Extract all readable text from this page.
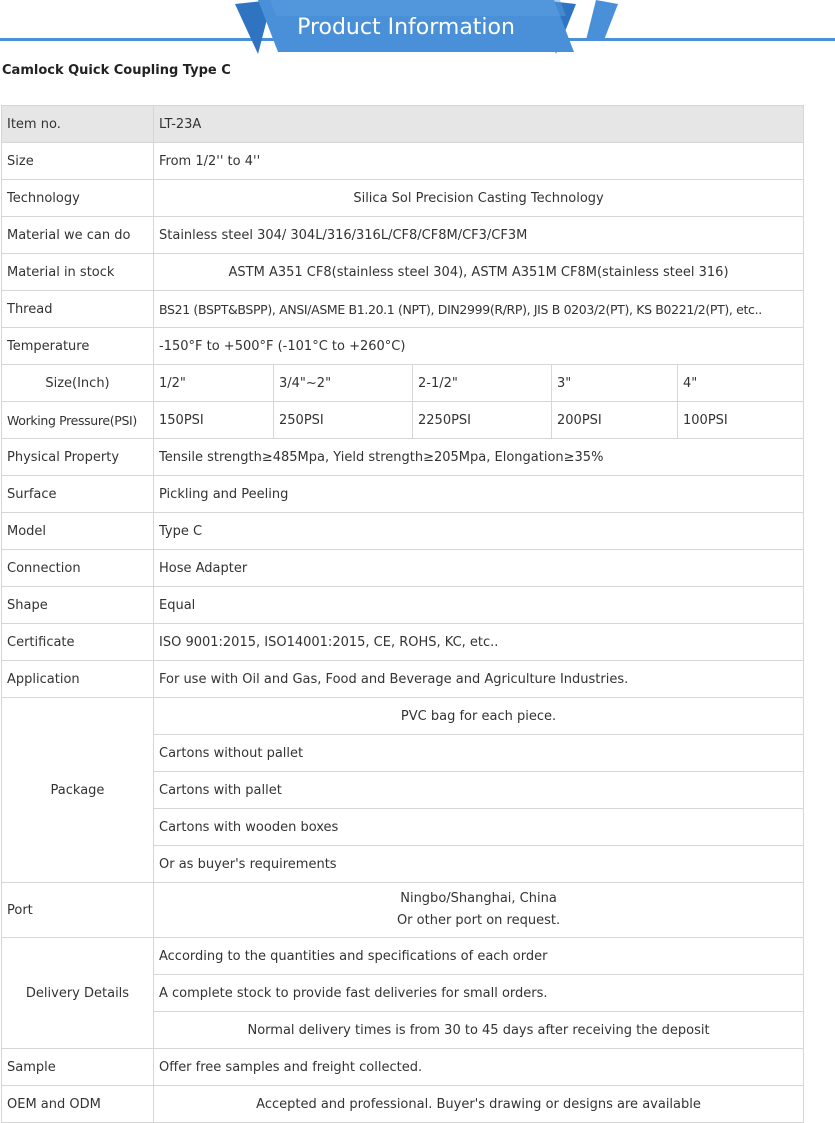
Product Information
Camlock Quick Coupling Type C
Item no.	LT-23A				
Size	From 1/2'' to 4''				
Technology	Silica Sol Precision Casting Technology				
Material we can do	Stainless steel 304/ 304L/316/316L/CF8/CF8M/CF3/CF3M				
Material in stock	ASTM A351 CF8(stainless steel 304), ASTM A351M CF8M(stainless steel 316)				
Thread	BS21 (BSPT&BSPP), ANSI/ASME B1.20.1 (NPT), DIN2999(R/RP), JIS B 0203/2(PT), KS B0221/2(PT), etc..				
Temperature	-150°F to +500°F (-101°C to +260°C)				
Size(Inch)	1/2"	3/4"~2"	2-1/2"	3"	4"
Working Pressure(PSI)	150PSI	250PSI	2250PSI	200PSI	100PSI
Physical Property	Tensile strength≥485Mpa, Yield strength≥205Mpa, Elongation≥35%				
Surface	Pickling and Peeling				
Model	Type C				
Connection	Hose Adapter				
Shape	Equal				
Certificate	ISO 9001:2015, ISO14001:2015, CE, ROHS, KC, etc..				
Application	For use with Oil and Gas, Food and Beverage and Agriculture Industries.				
Package	PVC bag for each piece.				
	Cartons without pallet				
	Cartons with pallet				
	Cartons with wooden boxes				
	Or as buyer's requirements				
Port	Ningbo/Shanghai, China
Or other port on request.				

Delivery Details	According to the quantities and specifications of each order				
	A complete stock to provide fast deliveries for small orders.				
	Normal delivery times is from 30 to 45 days after receiving the deposit				
Sample	Offer free samples and freight collected.				
OEM and ODM	Accepted and professional. Buyer's drawing or designs are available				
